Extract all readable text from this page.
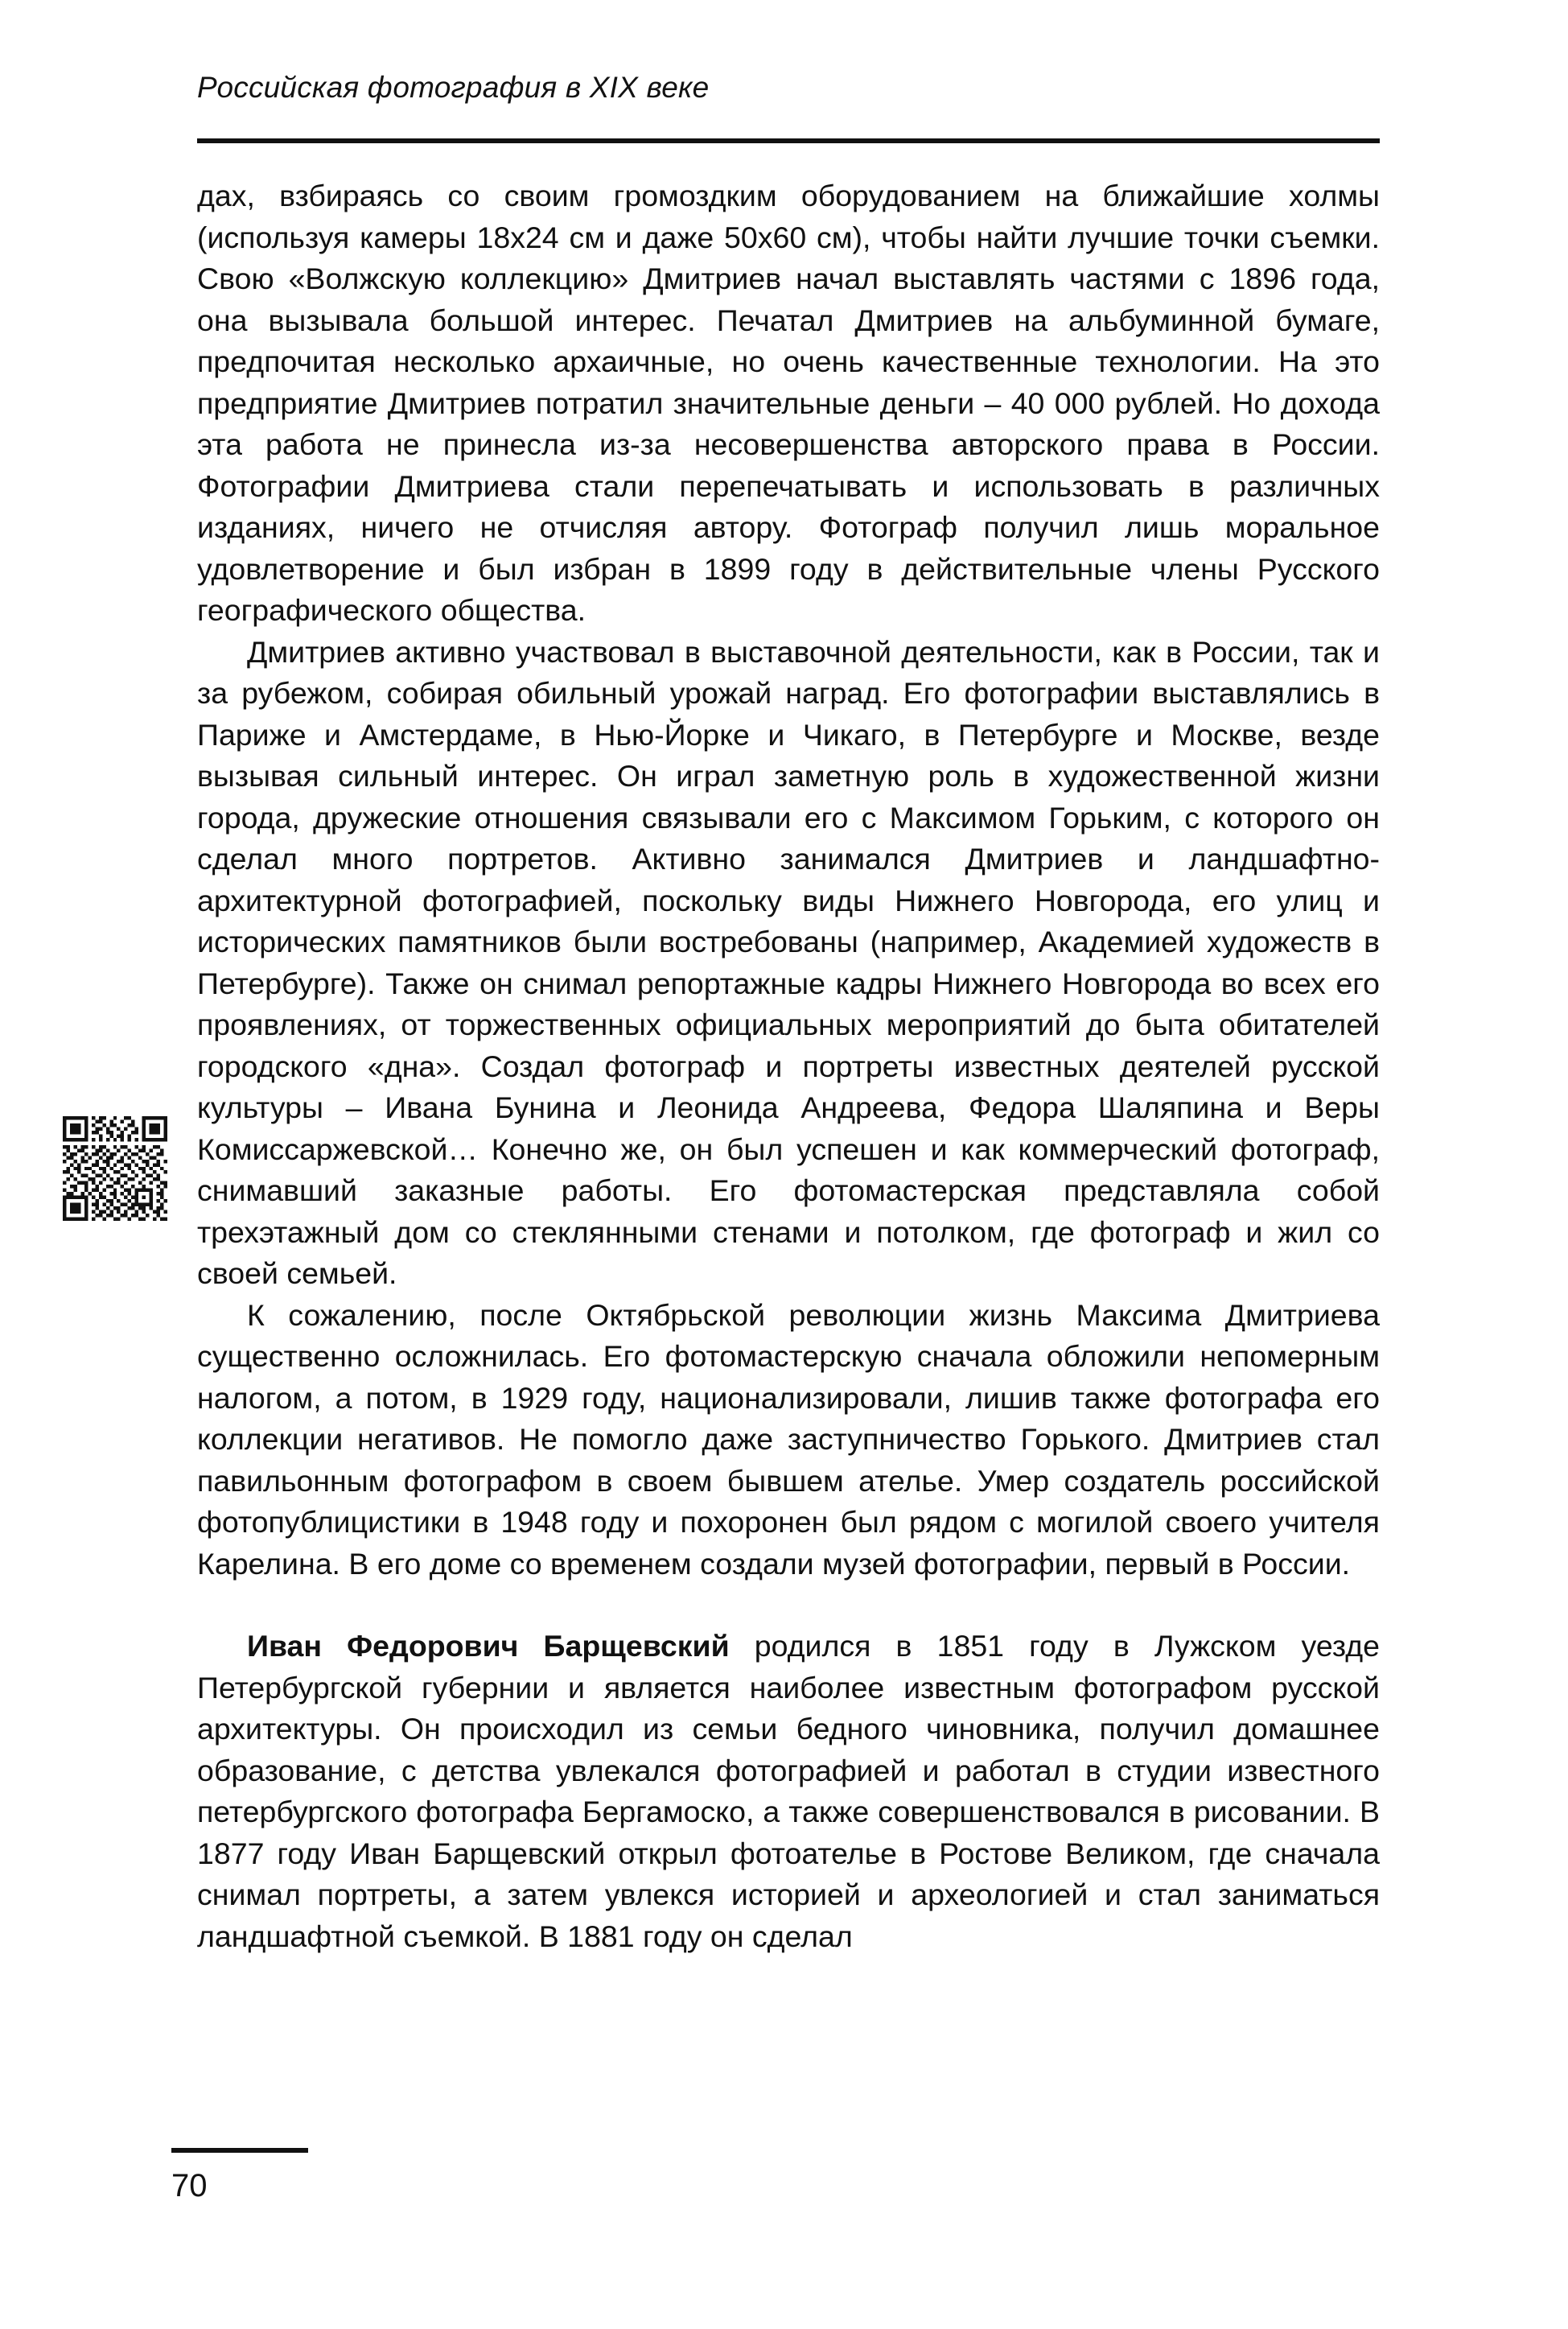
Российская фотография в XIX веке

дах, взбираясь со своим громоздким оборудованием на ближайшие холмы (используя камеры 18х24 см и даже 50х60 см), чтобы найти лучшие точки съемки. Свою «Волжскую коллекцию» Дмитриев начал выставлять частями с 1896 года, она вызывала большой интерес. Печатал Дмитриев на альбуминной бумаге, предпочитая несколько архаичные, но очень качественные технологии. На это предприятие Дмитриев потратил значительные деньги – 40 000 рублей. Но дохода эта работа не принесла из-за несовершенства авторского права в России. Фотографии Дмитриева стали перепечатывать и использовать в различных изданиях, ничего не отчисляя автору. Фотограф получил лишь моральное удовлетворение и был избран в 1899 году в действительные члены Русского географического общества.

Дмитриев активно участвовал в выставочной деятельности, как в России, так и за рубежом, собирая обильный урожай наград. Его фотографии выставлялись в Париже и Амстердаме, в Нью-Йорке и Чикаго, в Петербурге и Москве, везде вызывая сильный интерес. Он играл заметную роль в художественной жизни города, дружеские отношения связывали его с Максимом Горьким, с которого он сделал много портретов. Активно занимался Дмитриев и ландшафтно-архитектурной фотографией, поскольку виды Нижнего Новгорода, его улиц и исторических памятников были востребованы (например, Академией художеств в Петербурге). Также он снимал репортажные кадры Нижнего Новгорода во всех его проявлениях, от торжественных официальных мероприятий до быта обитателей городского «дна». Создал фотограф и портреты известных деятелей русской культуры – Ивана Бунина и Леонида Андреева, Федора Шаляпина и Веры Комиссаржевской… Конечно же, он был успешен и как коммерческий фотограф, снимавший заказные работы. Его фотомастерская представляла собой трехэтажный дом со стеклянными стенами и потолком, где фотограф и жил со своей семьей.

К сожалению, после Октябрьской революции жизнь Максима Дмитриева существенно осложнилась. Его фотомастерскую сначала обложили непомерным налогом, а потом, в 1929 году, национализировали, лишив также фотографа его коллекции негативов. Не помогло даже заступничество Горького. Дмитриев стал павильонным фотографом в своем бывшем ателье. Умер создатель российской фотопублицистики в 1948 году и похоронен был рядом с могилой своего учителя Карелина. В его доме со временем создали музей фотографии, первый в России.

Иван Федорович Барщевский родился в 1851 году в Лужском уезде Петербургской губернии и является наиболее известным фотографом русской архитектуры. Он происходил из семьи бедного чиновника, получил домашнее образование, с детства увлекался фотографией и работал в студии известного петербургского фотографа Бергамоско, а также совершенствовался в рисовании. В 1877 году Иван Барщевский открыл фотоателье в Ростове Великом, где сначала снимал портреты, а затем увлекся историей и археологией и стал заниматься ландшафтной съемкой. В 1881 году он сделал

70
